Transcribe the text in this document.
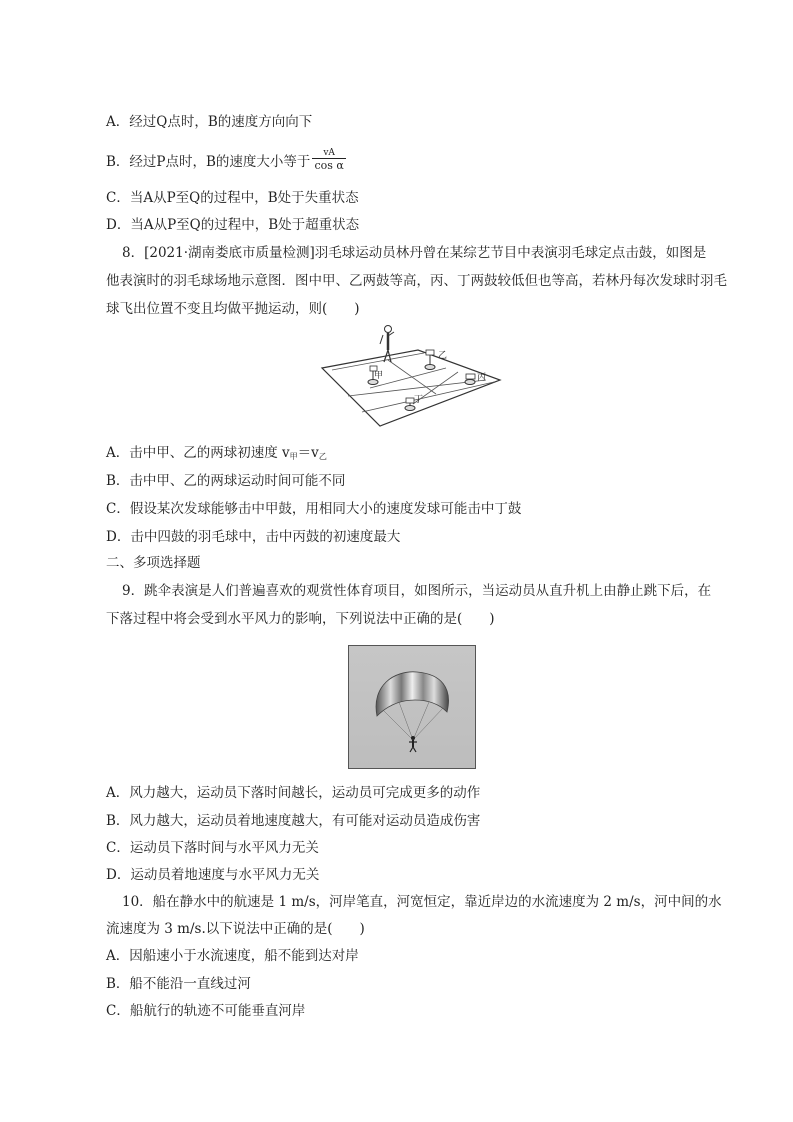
A．经过Q点时，B的速度方向向下
B．经过P点时，B的速度大小等于 $\frac{vA}{\text{cos α}}$
C．当A从P至Q的过程中，B处于失重状态
D．当A从P至Q的过程中，B处于超重状态
8．[2021·湖南娄底市质量检测]羽毛球运动员林丹曾在某综艺节目中表演羽毛球定点击鼓，如图是
他表演时的羽毛球场地示意图．图中甲、乙两鼓等高，丙、丁两鼓较低但也等高，若林丹每次发球时羽毛
球飞出位置不变且均做平抛运动，则(　　)
甲
乙
丙
丁
A．击中甲、乙的两球初速度 $v_甲=v_乙$
B．击中甲、乙的两球运动时间可能不同
C．假设某次发球能够击中甲鼓，用相同大小的速度发球可能击中丁鼓
D．击中四鼓的羽毛球中，击中丙鼓的初速度最大
二、多项选择题
9．跳伞表演是人们普遍喜欢的观赏性体育项目，如图所示，当运动员从直升机上由静止跳下后，在
下落过程中将会受到水平风力的影响，下列说法中正确的是(　　)
A．风力越大，运动员下落时间越长，运动员可完成更多的动作
B．风力越大，运动员着地速度越大，有可能对运动员造成伤害
C．运动员下落时间与水平风力无关
D．运动员着地速度与水平风力无关
10．船在静水中的航速是 1 m/s，河岸笔直，河宽恒定，靠近岸边的水流速度为 2 m/s，河中间的水
流速度为 3 m/s.以下说法中正确的是(　　)
A．因船速小于水流速度，船不能到达对岸
B．船不能沿一直线过河
C．船航行的轨迹不可能垂直河岸
